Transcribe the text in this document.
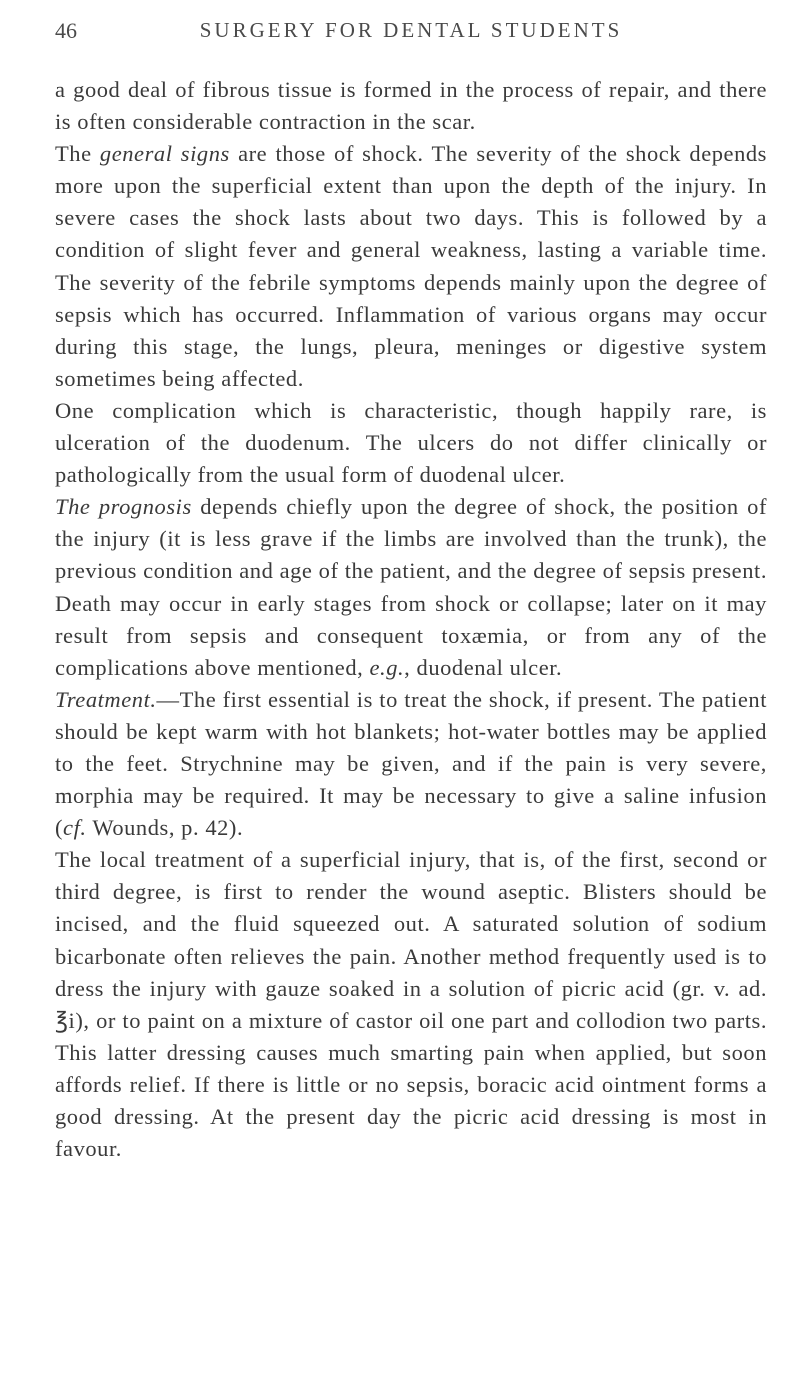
46	SURGERY FOR DENTAL STUDENTS

a good deal of fibrous tissue is formed in the process of repair, and there is often considerable contraction in the scar.

The general signs are those of shock. The severity of the shock depends more upon the superficial extent than upon the depth of the injury. In severe cases the shock lasts about two days. This is followed by a condition of slight fever and general weakness, lasting a variable time. The severity of the febrile symptoms depends mainly upon the degree of sepsis which has occurred. Inflammation of various organs may occur during this stage, the lungs, pleura, meninges or digestive system sometimes being affected.

One complication which is characteristic, though happily rare, is ulceration of the duodenum. The ulcers do not differ clinically or pathologically from the usual form of duodenal ulcer.

The prognosis depends chiefly upon the degree of shock, the position of the injury (it is less grave if the limbs are involved than the trunk), the previous condition and age of the patient, and the degree of sepsis present. Death may occur in early stages from shock or collapse; later on it may result from sepsis and consequent toxæmia, or from any of the complications above mentioned, e.g., duodenal ulcer.

Treatment.—The first essential is to treat the shock, if present. The patient should be kept warm with hot blankets; hot-water bottles may be applied to the feet. Strychnine may be given, and if the pain is very severe, morphia may be required. It may be necessary to give a saline infusion (cf. Wounds, p. 42).

The local treatment of a superficial injury, that is, of the first, second or third degree, is first to render the wound aseptic. Blisters should be incised, and the fluid squeezed out. A saturated solution of sodium bicarbonate often relieves the pain. Another method frequently used is to dress the injury with gauze soaked in a solution of picric acid (gr. v. ad. ℥i), or to paint on a mixture of castor oil one part and collodion two parts. This latter dressing causes much smarting pain when applied, but soon affords relief. If there is little or no sepsis, boracic acid ointment forms a good dressing. At the present day the picric acid dressing is most in favour.
